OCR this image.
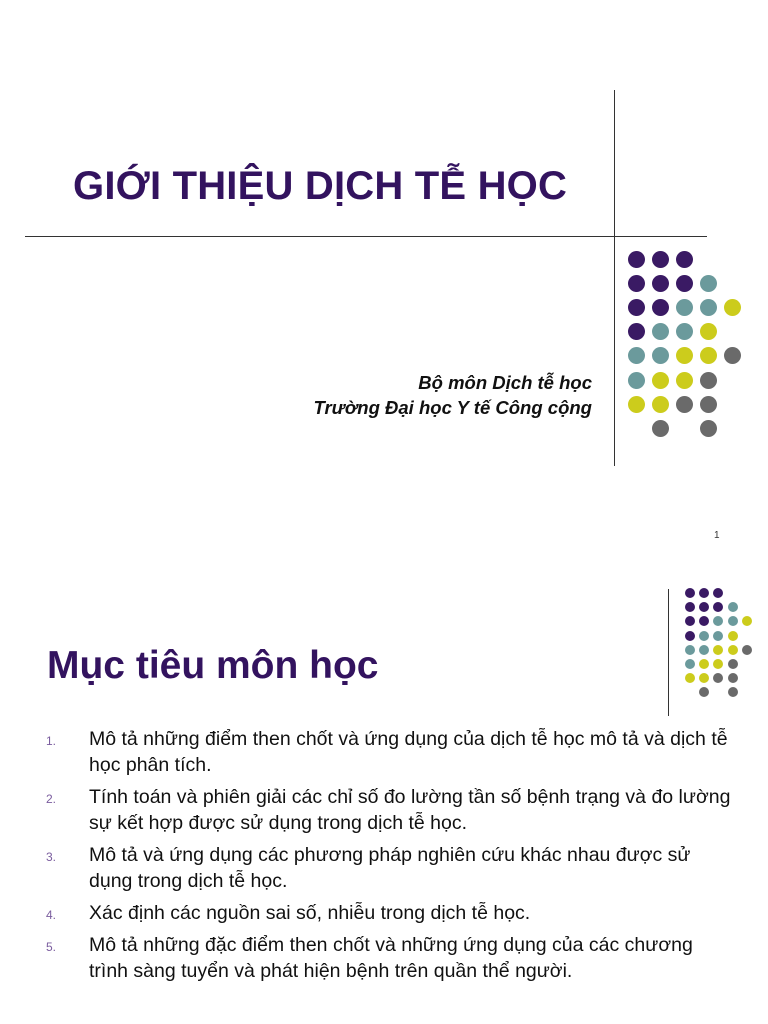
GIỚI THIỆU DỊCH TỄ HỌC
Bộ môn Dịch tễ học
Trường Đại học Y tế Công cộng
1
Mục tiêu môn học
1. Mô tả những điểm then chốt và ứng dụng của dịch tễ học mô tả và dịch tễ học phân tích.
2. Tính toán và phiên giải các chỉ số đo lường tần số bệnh trạng và đo lường sự kết hợp được sử dụng trong dịch tễ học.
3. Mô tả và ứng dụng các phương pháp nghiên cứu khác nhau được sử dụng trong dịch tễ học.
4. Xác định các nguồn sai số, nhiễu trong dịch tễ học.
5. Mô tả những đặc điểm then chốt và những ứng dụng của các chương trình sàng tuyển và phát hiện bệnh trên quần thể người.
